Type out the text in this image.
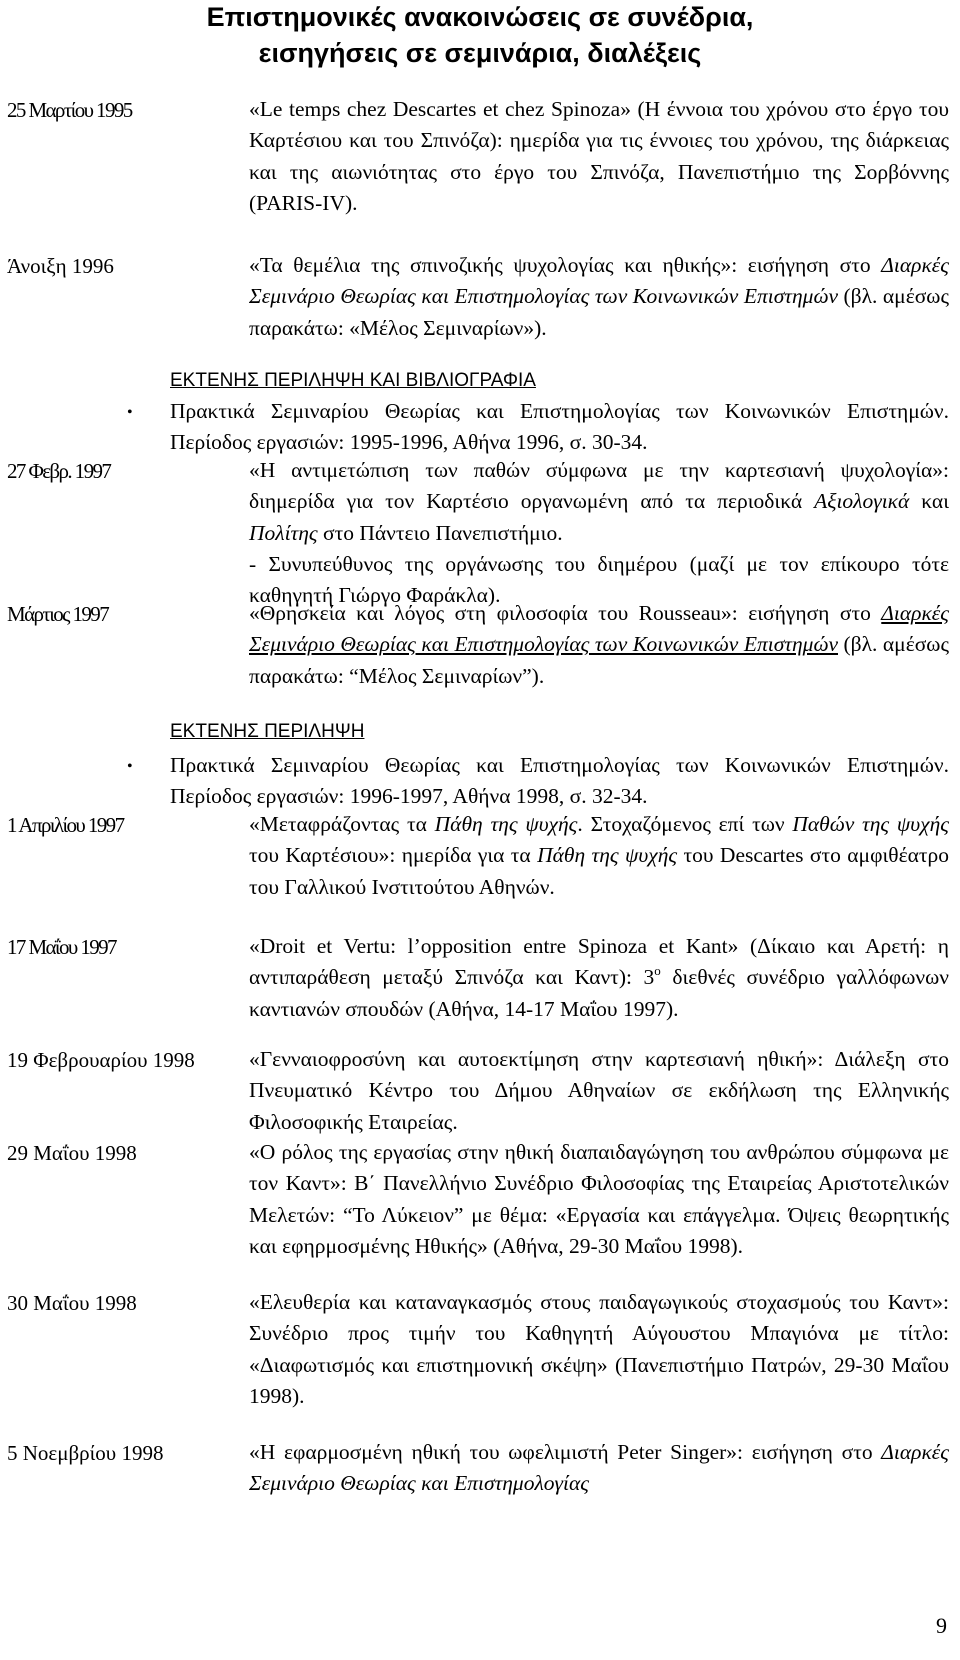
Επιστημονικές ανακοινώσεις σε συνέδρια,
εισηγήσεις σε σεμινάρια, διαλέξεις
25 Μαρτίου 1995	«Le temps chez Descartes et chez Spinoza» (Η έννοια του χρόνου στο έργο του Καρτέσιου και του Σπινόζα): ημερίδα για τις έννοιες του χρόνου, της διάρκειας και της αιωνιότητας στο έργο του Σπινόζα, Πανεπιστήμιο της Σορβόννης (PARIS-IV).
Άνοιξη 1996	«Τα θεμέλια της σπινοζικής ψυχολογίας και ηθικής»: εισήγηση στο Διαρκές Σεμινάριο Θεωρίας και Επιστημολογίας των Κοινωνικών Επιστημών (βλ. αμέσως παρακάτω: «Μέλος Σεμιναρίων»).
ΕΚΤΕΝΗΣ ΠΕΡΙΛΗΨΗ ΚΑΙ ΒΙΒΛΙΟΓΡΑΦΙΑ
• Πρακτικά Σεμιναρίου Θεωρίας και Επιστημολογίας των Κοινωνικών Επιστημών. Περίοδος εργασιών: 1995-1996, Αθήνα 1996, σ. 30-34.
27 Φεβρ. 1997	«Η αντιμετώπιση των παθών σύμφωνα με την καρτεσιανή ψυχολογία»: διημερίδα για τον Καρτέσιο οργανωμένη από τα περιοδικά Αξιολογικά και Πολίτης στο Πάντειο Πανεπιστήμιο.
- Συνυπεύθυνος της οργάνωσης του διημέρου (μαζί με τον επίκουρο τότε καθηγητή Γιώργο Φαράκλα).
Μάρτιος 1997	«Θρησκεία και λόγος στη φιλοσοφία του Rousseau»: εισήγηση στο Διαρκές Σεμινάριο Θεωρίας και Επιστημολογίας των Κοινωνικών Επιστημών (βλ. αμέσως παρακάτω: “Μέλος Σεμιναρίων”).
ΕΚΤΕΝΗΣ ΠΕΡΙΛΗΨΗ
• Πρακτικά Σεμιναρίου Θεωρίας και Επιστημολογίας των Κοινωνικών Επιστημών. Περίοδος εργασιών: 1996-1997, Αθήνα 1998, σ. 32-34.
1 Απριλίου 1997	«Μεταφράζοντας τα Πάθη της ψυχής. Στοχαζόμενος επί των Παθών της ψυχής του Καρτέσιου»: ημερίδα για τα Πάθη της ψυχής του Descartes στο αμφιθέατρο του Γαλλικού Ινστιτούτου Αθηνών.
17 Μαΐου 1997	«Droit et Vertu: l’opposition entre Spinoza et Kant» (Δίκαιο και Αρετή: η αντιπαράθεση μεταξύ Σπινόζα και Καντ): $3^o$ διεθνές συνέδριο γαλλόφωνων καντιανών σπουδών (Αθήνα, 14-17 Μαΐου 1997).
19 Φεβρουαρίου 1998	«Γενναιοφροσύνη και αυτοεκτίμηση στην καρτεσιανή ηθική»: Διάλεξη στο Πνευματικό Κέντρο του Δήμου Αθηναίων σε εκδήλωση της Ελληνικής Φιλοσοφικής Εταιρείας.
29 Μαΐου 1998	«Ο ρόλος της εργασίας στην ηθική διαπαιδαγώγηση του ανθρώπου σύμφωνα με τον Καντ»: Β΄ Πανελλήνιο Συνέδριο Φιλοσοφίας της Εταιρείας Αριστοτελικών Μελετών: “Το Λύκειον” με θέμα: «Εργασία και επάγγελμα. Όψεις θεωρητικής και εφηρμοσμένης Ηθικής» (Αθήνα, 29-30 Μαΐου 1998).
30 Μαΐου 1998	«Ελευθερία και καταναγκασμός στους παιδαγωγικούς στοχασμούς του Καντ»: Συνέδριο προς τιμήν του Καθηγητή Αύγουστου Μπαγιόνα με τίτλο: «Διαφωτισμός και επιστημονική σκέψη» (Πανεπιστήμιο Πατρών, 29-30 Μαΐου 1998).
5 Νοεμβρίου 1998	«Η εφαρμοσμένη ηθική του ωφελιμιστή Peter Singer»: εισήγηση στο Διαρκές Σεμινάριο Θεωρίας και Επιστημολογίας
9
